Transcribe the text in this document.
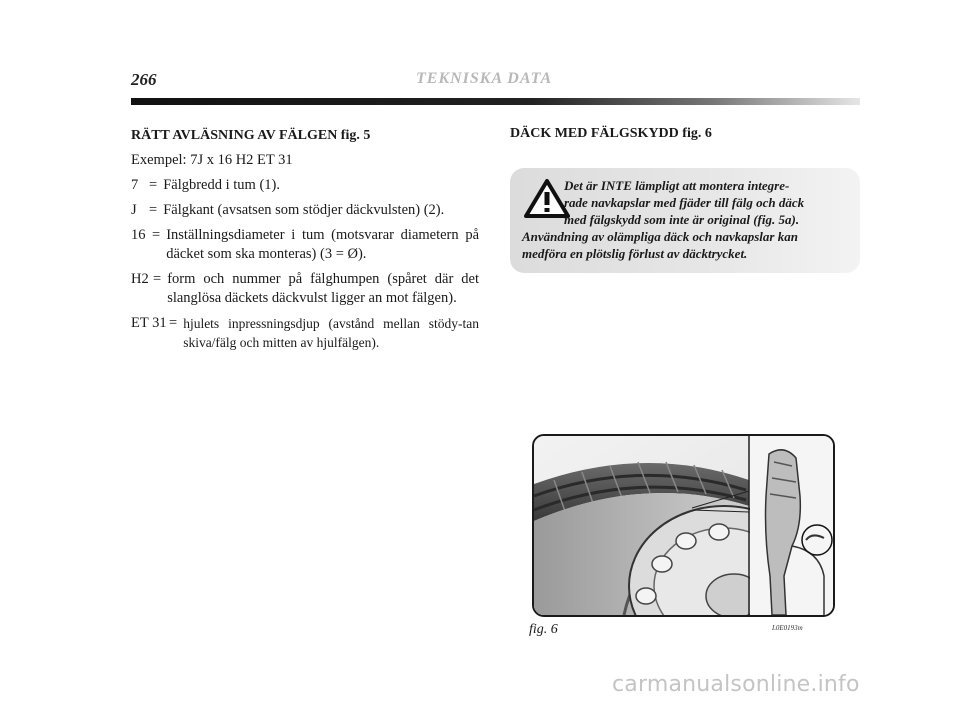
266	TEKNISKA DATA
RÄTT AVLÄSNING AV FÄLGEN fig. 5
Exempel: 7J x 16 H2 ET 31
7 = Fälgbredd i tum (1).
J = Fälgkant (avsatsen som stödjer däckvulsten) (2).
16 = Inställningsdiameter i tum (motsvarar diametern på däcket som ska monteras) (3 = Ø).
H2 = form och nummer på fälghumpen (spåret där det slanglösa däckets däckvulst ligger an mot fälgen).
ET 31 = hjulets inpressningsdjup (avstånd mellan stödy-tan skiva/fälg och mitten av hjulfälgen).
DÄCK MED FÄLGSKYDD fig. 6
Det är INTE lämpligt att montera integre-
rade navkapslar med fjäder till fälg och däck
med fälgskydd som inte är original (fig. 5a).
Användning av olämpliga däck och navkapslar kan
medföra en plötslig förlust av däcktrycket.
fig. 6	L0E0193m
carmanualsonline.info
